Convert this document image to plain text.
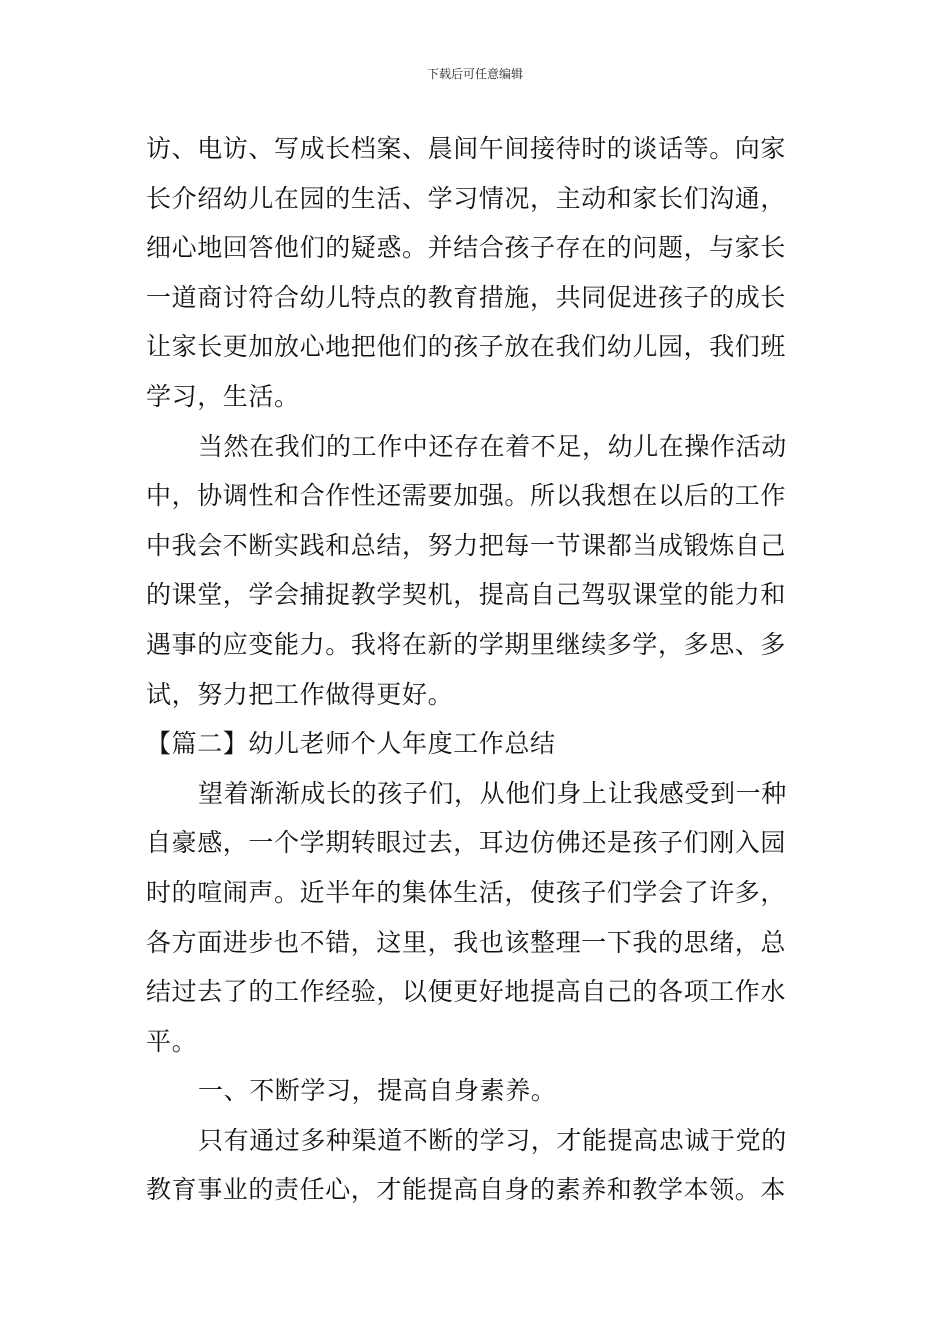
下载后可任意编辑
访、电访、写成长档案、晨间午间接待时的谈话等。向家
长介绍幼儿在园的生活、学习情况，主动和家长们沟通，
细心地回答他们的疑惑。并结合孩子存在的问题，与家长
一道商讨符合幼儿特点的教育措施，共同促进孩子的成长
让家长更加放心地把他们的孩子放在我们幼儿园，我们班
学习，生活。
当然在我们的工作中还存在着不足，幼儿在操作活动
中，协调性和合作性还需要加强。所以我想在以后的工作
中我会不断实践和总结，努力把每一节课都当成锻炼自己
的课堂，学会捕捉教学契机，提高自己驾驭课堂的能力和
遇事的应变能力。我将在新的学期里继续多学，多思、多
试，努力把工作做得更好。
【篇二】幼儿老师个人年度工作总结
望着渐渐成长的孩子们，从他们身上让我感受到一种
自豪感，一个学期转眼过去，耳边仿佛还是孩子们刚入园
时的喧闹声。近半年的集体生活，使孩子们学会了许多，
各方面进步也不错，这里，我也该整理一下我的思绪，总
结过去了的工作经验，以便更好地提高自己的各项工作水
平。
一、不断学习，提高自身素养。
只有通过多种渠道不断的学习，才能提高忠诚于党的
教育事业的责任心，才能提高自身的素养和教学本领。本
